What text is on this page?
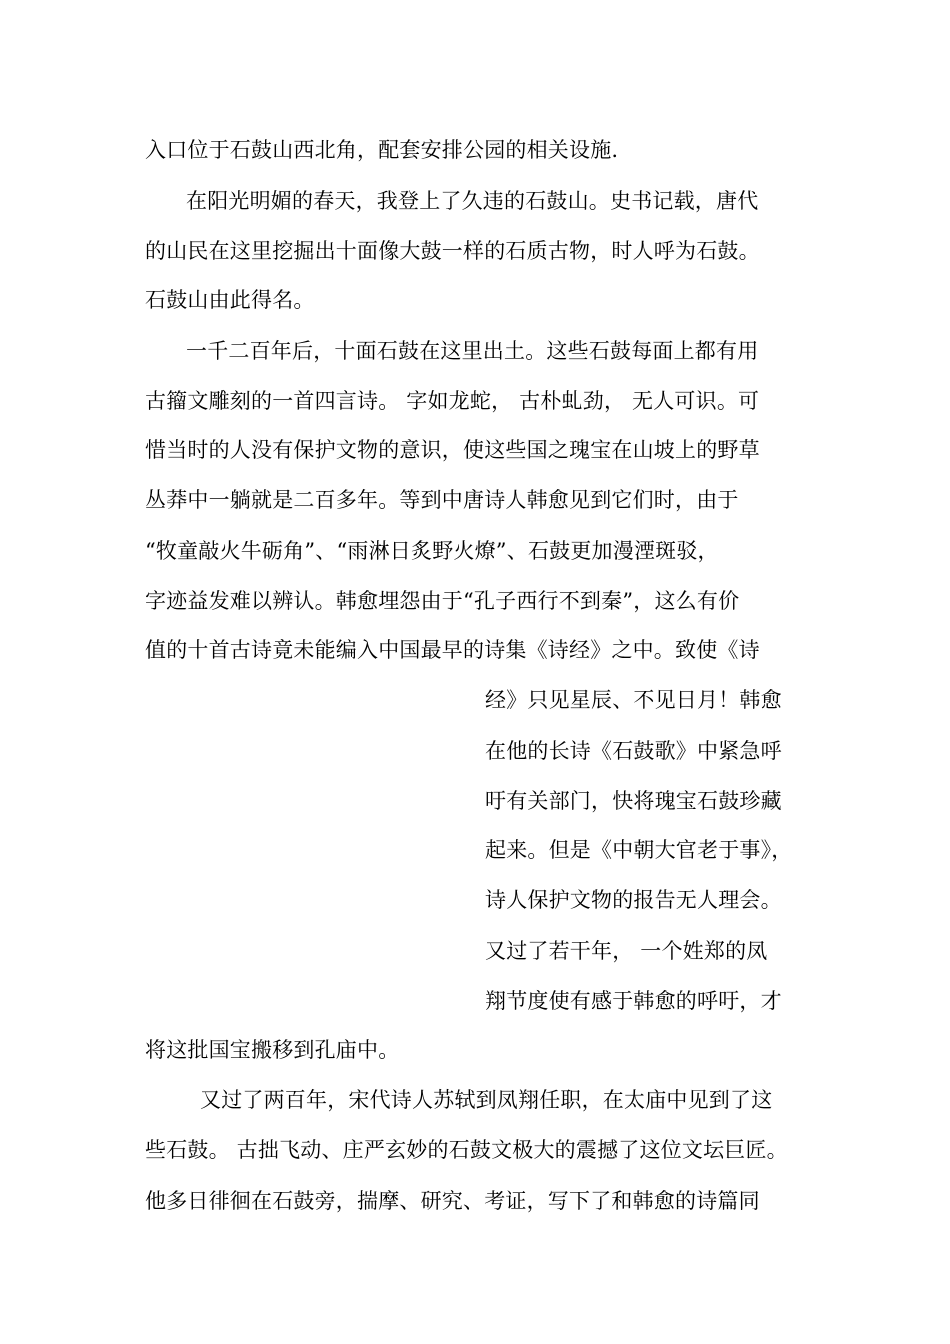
入口位于石鼓山西北角，配套安排公园的相关设施.
在阳光明媚的春天，我登上了久违的石鼓山。史书记载，唐代
的山民在这里挖掘出十面像大鼓一样的石质古物，时人呼为石鼓。
石鼓山由此得名。
一千二百年后，十面石鼓在这里出土。这些石鼓每面上都有用
古籀文雕刻的一首四言诗。 字如龙蛇， 古朴虬劲， 无人可识。可
惜当时的人没有保护文物的意识，使这些国之瑰宝在山坡上的野草
丛莽中一躺就是二百多年。等到中唐诗人韩愈见到它们时，由于
“牧童敲火牛砺角”、“雨淋日炙野火燎”、石鼓更加漫湮斑驳，
字迹益发难以辨认。韩愈埋怨由于“孔子西行不到秦”，这么有价
值的十首古诗竟未能编入中国最早的诗集《诗经》之中。致使《诗
经》只见星辰、不见日月！韩愈
在他的长诗《石鼓歌》中紧急呼
吁有关部门，快将瑰宝石鼓珍藏
起来。但是《中朝大官老于事》，
诗人保护文物的报告无人理会。
又过了若干年， 一个姓郑的凤
翔节度使有感于韩愈的呼吁，才
将这批国宝搬移到孔庙中。
又过了两百年，宋代诗人苏轼到凤翔任职，在太庙中见到了这
些石鼓。 古拙飞动、庄严玄妙的石鼓文极大的震撼了这位文坛巨匠。
他多日徘徊在石鼓旁，揣摩、研究、考证，写下了和韩愈的诗篇同
